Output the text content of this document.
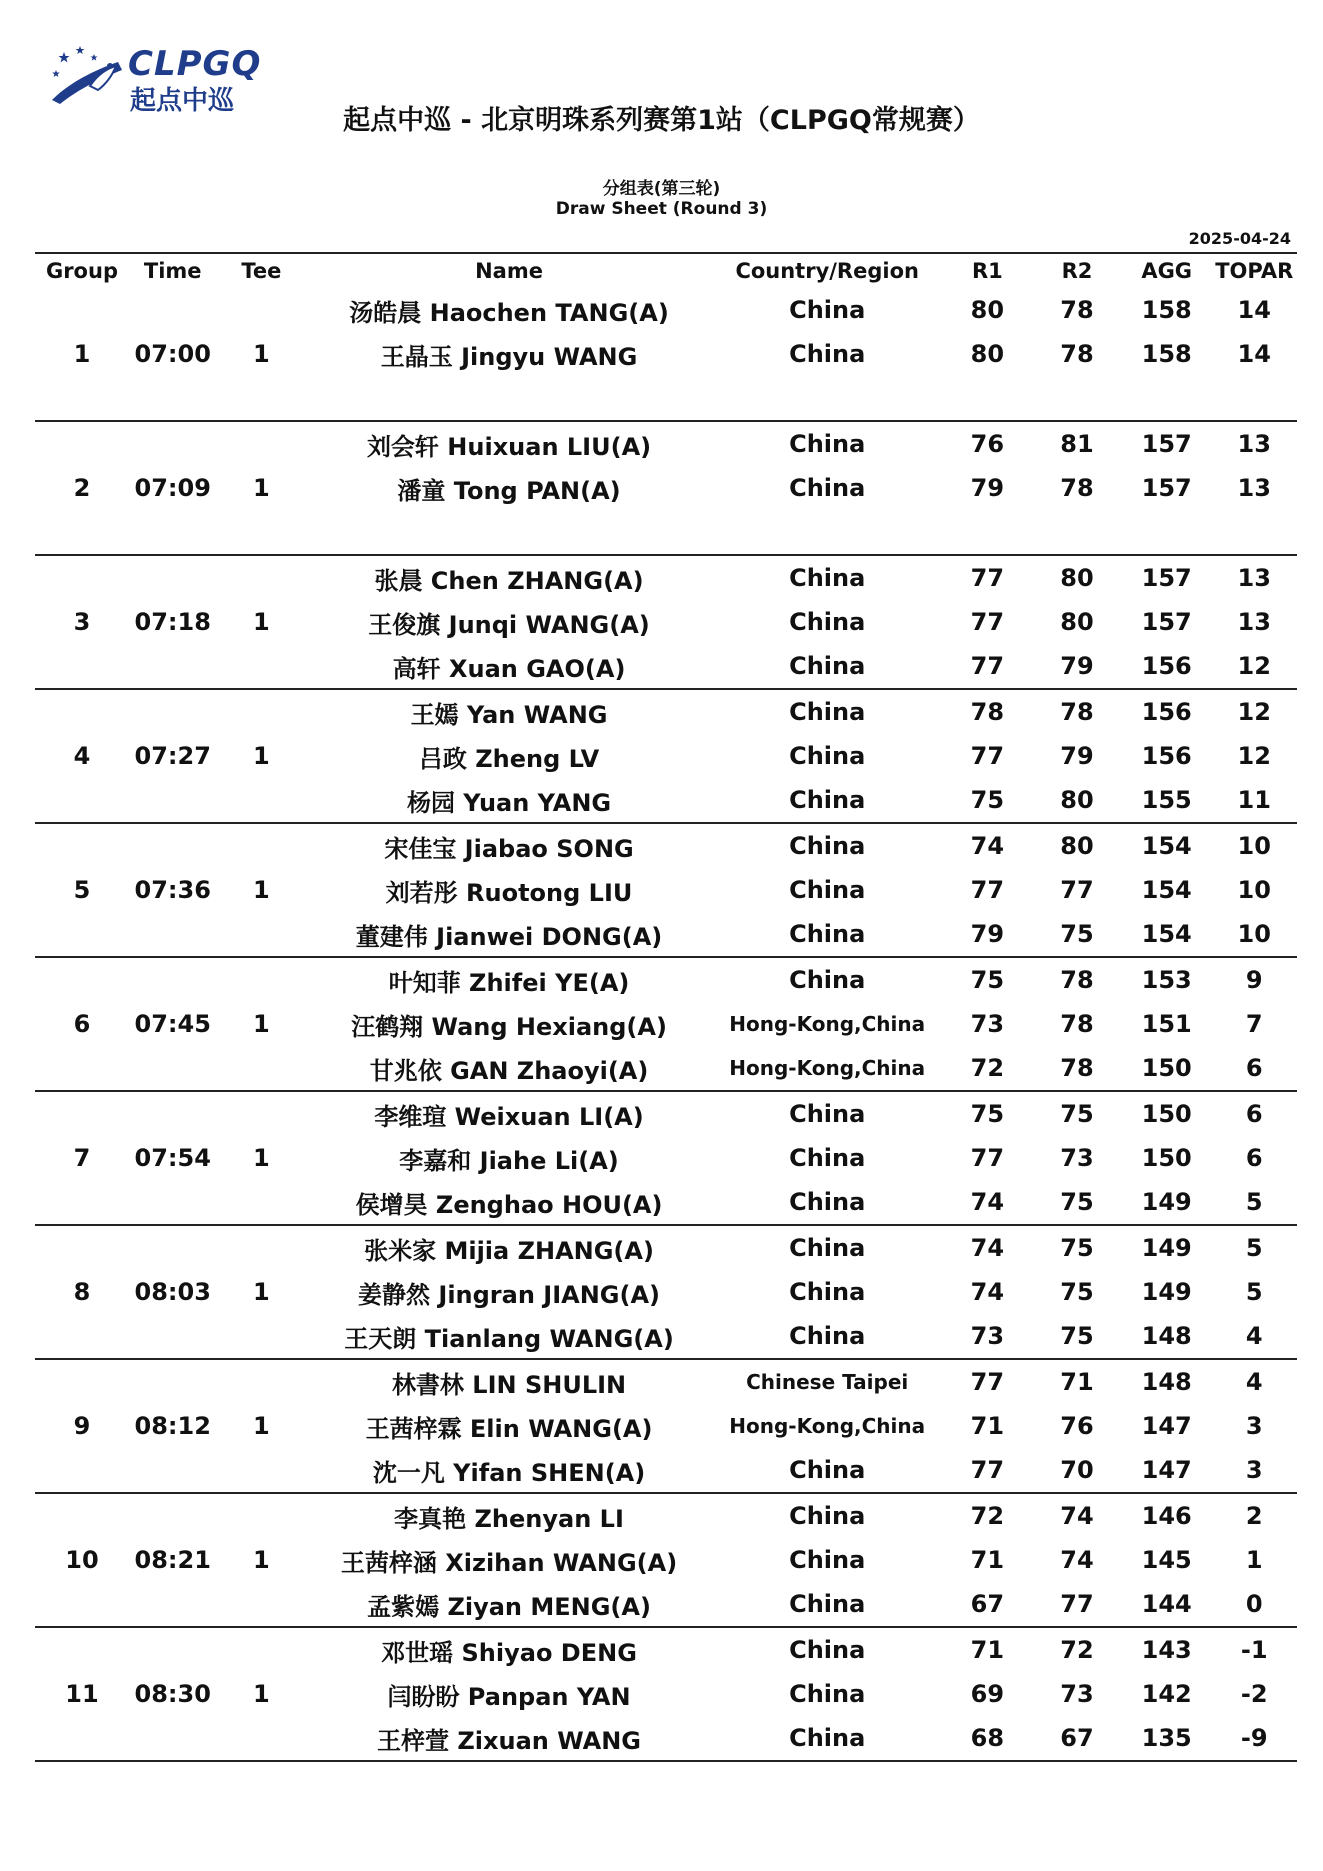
CLPGQ
起点中巡
起点中巡 - 北京明珠系列赛第1站（CLPGQ常规赛）
分组表(第三轮)
Draw Sheet (Round 3)
2025-04-24
Group	Time	Tee	Name	Country/Region	R1	R2	AGG	TOPAR
1	07:00	1	汤皓晨 Haochen TANG(A)	China	80	78	158	14
			王晶玉 Jingyu WANG	China	80	78	158	14

2	07:09	1	刘会轩 Huixuan LIU(A)	China	76	81	157	13
			潘童 Tong PAN(A)	China	79	78	157	13

3	07:18	1	张晨 Chen ZHANG(A)	China	77	80	157	13
			王俊旗 Junqi WANG(A)	China	77	80	157	13
			高轩 Xuan GAO(A)	China	77	79	156	12
4	07:27	1	王嫣 Yan WANG	China	78	78	156	12
			吕政 Zheng LV	China	77	79	156	12
			杨园 Yuan YANG	China	75	80	155	11
5	07:36	1	宋佳宝 Jiabao SONG	China	74	80	154	10
			刘若彤 Ruotong LIU	China	77	77	154	10
			董建伟 Jianwei DONG(A)	China	79	75	154	10
6	07:45	1	叶知菲 Zhifei YE(A)	China	75	78	153	9
			汪鹤翔 Wang Hexiang(A)	Hong-Kong,China	73	78	151	7
			甘兆依 GAN Zhaoyi(A)	Hong-Kong,China	72	78	150	6
7	07:54	1	李维瑄 Weixuan LI(A)	China	75	75	150	6
			李嘉和 Jiahe Li(A)	China	77	73	150	6
			侯增昊 Zenghao HOU(A)	China	74	75	149	5
8	08:03	1	张米家 Mijia ZHANG(A)	China	74	75	149	5
			姜静然 Jingran JIANG(A)	China	74	75	149	5
			王天朗 Tianlang WANG(A)	China	73	75	148	4
9	08:12	1	林書林 LIN SHULIN	Chinese Taipei	77	71	148	4
			王茜梓霖 Elin WANG(A)	Hong-Kong,China	71	76	147	3
			沈一凡 Yifan SHEN(A)	China	77	70	147	3
10	08:21	1	李真艳 Zhenyan LI	China	72	74	146	2
			王茜梓涵 Xizihan WANG(A)	China	71	74	145	1
			孟紫嫣 Ziyan MENG(A)	China	67	77	144	0
11	08:30	1	邓世瑶 Shiyao DENG	China	71	72	143	-1
			闫盼盼 Panpan YAN	China	69	73	142	-2
			王梓萱 Zixuan WANG	China	68	67	135	-9
